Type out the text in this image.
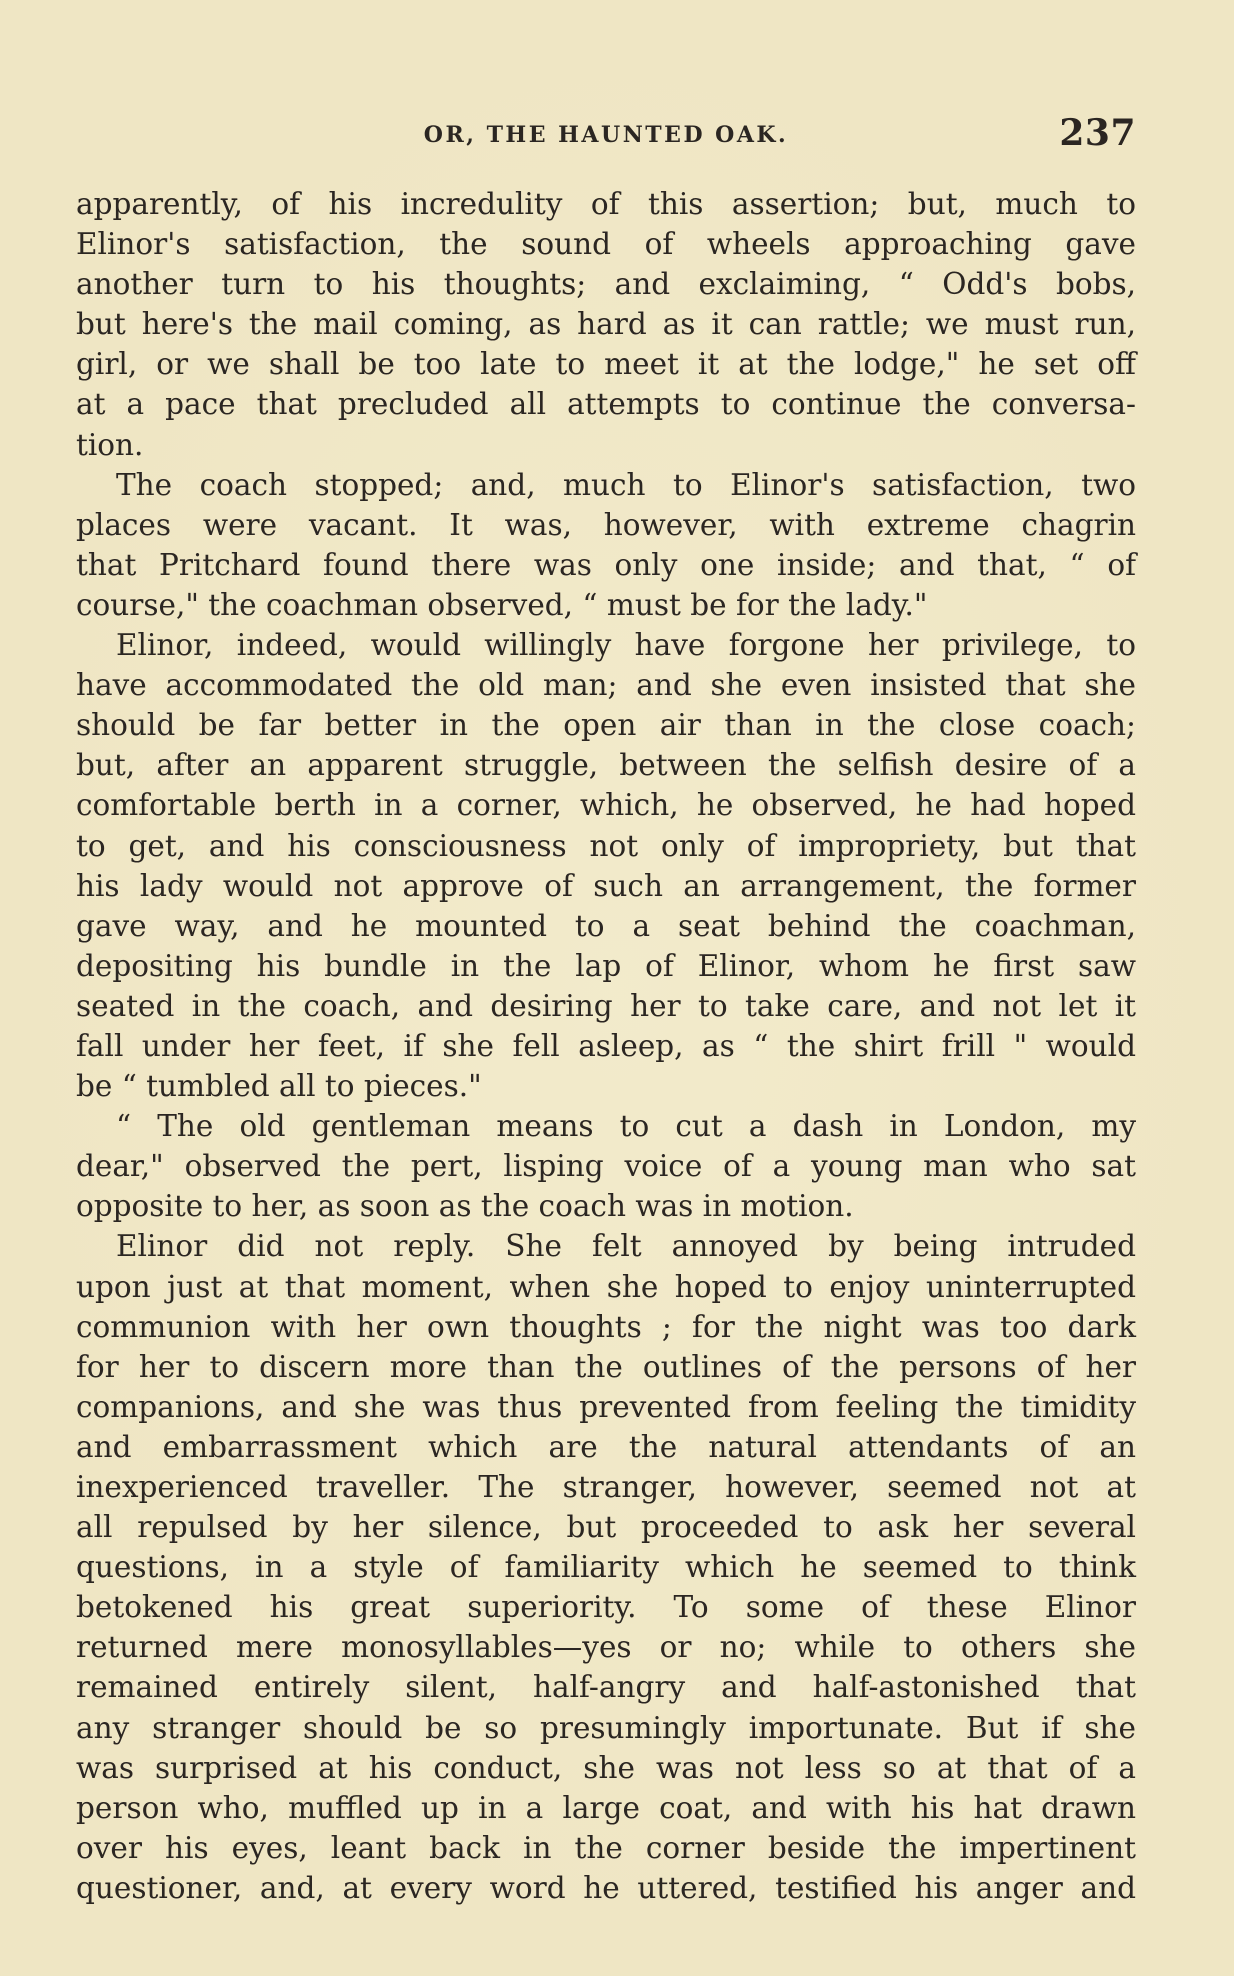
OR, THE HAUNTED OAK.	237

apparently, of his incredulity of this assertion; but, much to
Elinor's satisfaction, the sound of wheels approaching gave
another turn to his thoughts; and exclaiming, “ Odd's bobs,
but here's the mail coming, as hard as it can rattle; we must run,
girl, or we shall be too late to meet it at the lodge," he set off
at a pace that precluded all attempts to continue the conversa-
tion.

The coach stopped; and, much to Elinor's satisfaction, two
places were vacant. It was, however, with extreme chagrin
that Pritchard found there was only one inside; and that, “ of
course," the coachman observed, “ must be for the lady."

Elinor, indeed, would willingly have forgone her privilege, to
have accommodated the old man; and she even insisted that she
should be far better in the open air than in the close coach;
but, after an apparent struggle, between the selfish desire of a
comfortable berth in a corner, which, he observed, he had hoped
to get, and his consciousness not only of impropriety, but that
his lady would not approve of such an arrangement, the former
gave way, and he mounted to a seat behind the coachman,
depositing his bundle in the lap of Elinor, whom he first saw
seated in the coach, and desiring her to take care, and not let it
fall under her feet, if she fell asleep, as “ the shirt frill " would
be “ tumbled all to pieces."

“ The old gentleman means to cut a dash in London, my
dear," observed the pert, lisping voice of a young man who sat
opposite to her, as soon as the coach was in motion.

Elinor did not reply. She felt annoyed by being intruded
upon just at that moment, when she hoped to enjoy uninterrupted
communion with her own thoughts ; for the night was too dark
for her to discern more than the outlines of the persons of her
companions, and she was thus prevented from feeling the timidity
and embarrassment which are the natural attendants of an
inexperienced traveller. The stranger, however, seemed not at
all repulsed by her silence, but proceeded to ask her several
questions, in a style of familiarity which he seemed to think
betokened his great superiority. To some of these Elinor
returned mere monosyllables—yes or no; while to others she
remained entirely silent, half-angry and half-astonished that
any stranger should be so presumingly importunate. But if she
was surprised at his conduct, she was not less so at that of a
person who, muffled up in a large coat, and with his hat drawn
over his eyes, leant back in the corner beside the impertinent
questioner, and, at every word he uttered, testified his anger and
